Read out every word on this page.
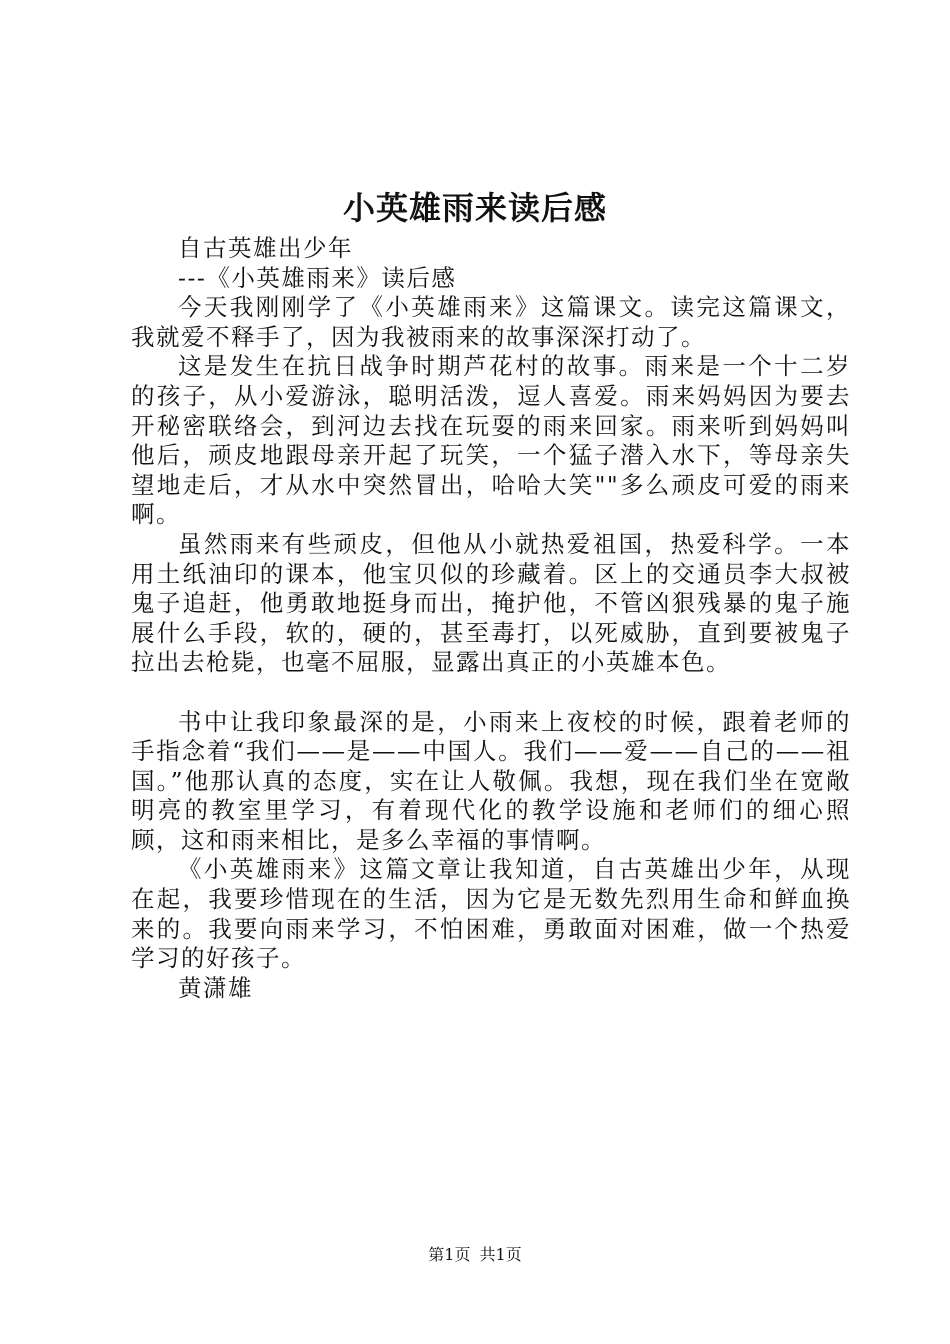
小英雄雨来读后感

自古英雄出少年

---《小英雄雨来》读后感

今天我刚刚学了《小英雄雨来》这篇课文。读完这篇课文，我就爱不释手了，因为我被雨来的故事深深打动了。

这是发生在抗日战争时期芦花村的故事。雨来是一个十二岁的孩子，从小爱游泳，聪明活泼，逗人喜爱。雨来妈妈因为要去开秘密联络会，到河边去找在玩耍的雨来回家。雨来听到妈妈叫他后，顽皮地跟母亲开起了玩笑，一个猛子潜入水下，等母亲失望地走后，才从水中突然冒出，哈哈大笑""多么顽皮可爱的雨来啊。

虽然雨来有些顽皮，但他从小就热爱祖国，热爱科学。一本用土纸油印的课本，他宝贝似的珍藏着。区上的交通员李大叔被鬼子追赶，他勇敢地挺身而出，掩护他，不管凶狠残暴的鬼子施展什么手段，软的，硬的，甚至毒打，以死威胁，直到要被鬼子拉出去枪毙，也毫不屈服，显露出真正的小英雄本色。

书中让我印象最深的是，小雨来上夜校的时候，跟着老师的手指念着“我们——是——中国人。我们——爱——自己的——祖国。”他那认真的态度，实在让人敬佩。我想，现在我们坐在宽敞明亮的教室里学习，有着现代化的教学设施和老师们的细心照顾，这和雨来相比，是多么幸福的事情啊。

《小英雄雨来》这篇文章让我知道，自古英雄出少年，从现在起，我要珍惜现在的生活，因为它是无数先烈用生命和鲜血换来的。我要向雨来学习，不怕困难，勇敢面对困难，做一个热爱学习的好孩子。

黄潇雄

第1页 共1页
